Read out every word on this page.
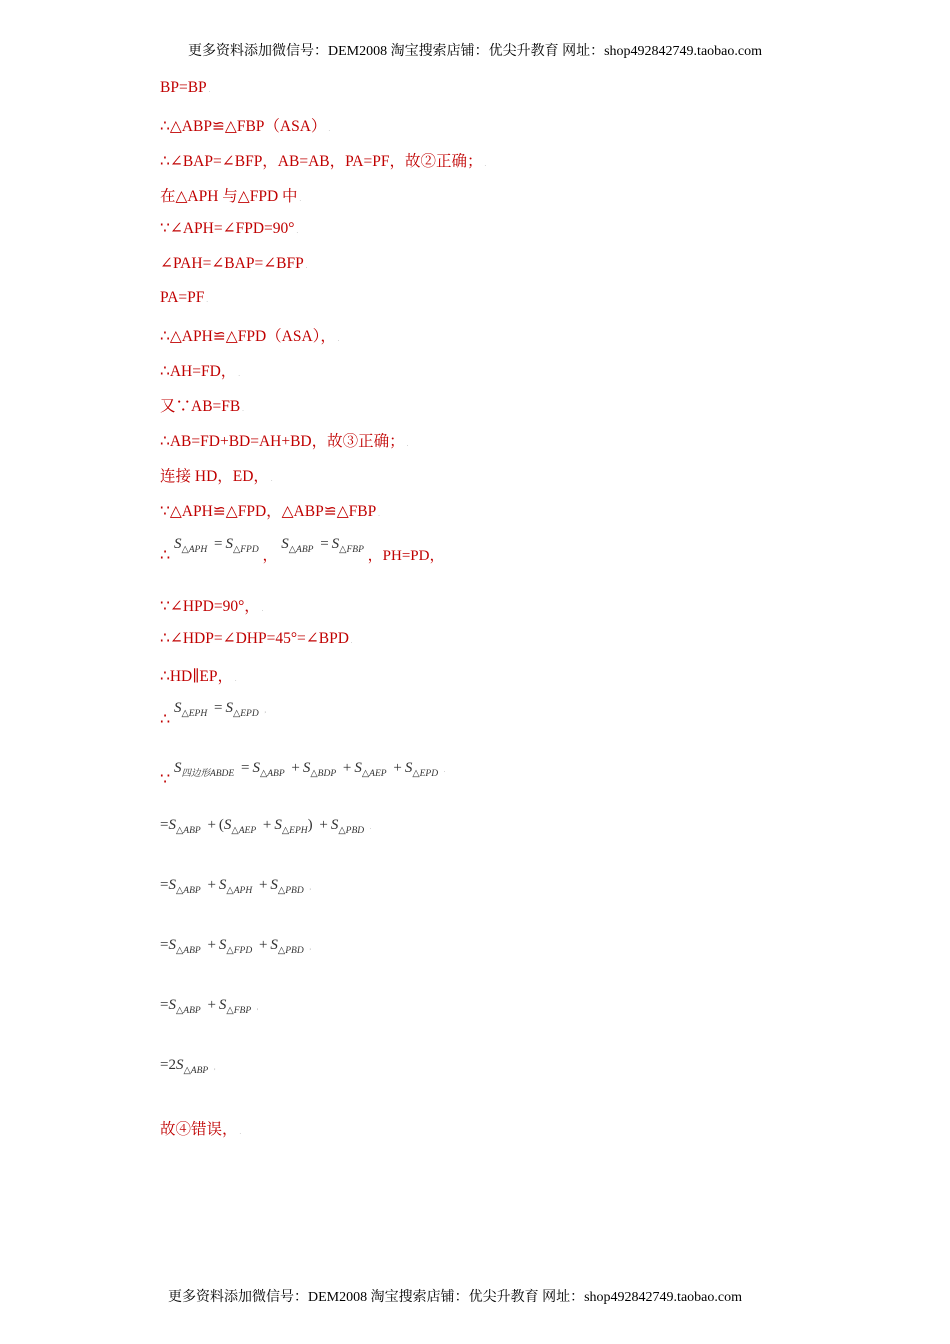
更多资料添加微信号：DEM2008 淘宝搜索店铺：优尖升教育 网址：shop492842749.taobao.com
BP=BP .
∴△ABP≌△FBP（ASA） .
∴∠BAP=∠BFP，AB=AB，PA=PF，故②正确； .
在△APH 与△FPD 中 .
∵∠APH=∠FPD=90° .
∠PAH=∠BAP=∠BFP .
PA=PF .
∴△APH≌△FPD（ASA）， .
∴AH=FD， .
又∵AB=FB .
∴AB=FD+BD=AH+BD，故③正确； .
连接 HD，ED， .
∵△APH≌△FPD，△ABP≌△FBP .
∴ $S_{\triangle APH} = S_{\triangle FPD}$ ， $S_{\triangle ABP} = S_{\triangle FBP}$ ，PH=PD，
∵∠HPD=90°， .
∴∠HDP=∠DHP=45°=∠BPD .
∴HD∥EP， .
∴ $S_{\triangle EPH} = S_{\triangle EPD}$ ,
∵ $S_{四边形ABDE} = S_{\triangle ABP} + S_{\triangle BDP} + S_{\triangle AEP} + S_{\triangle EPD}$ .
$=S_{\triangle ABP} + (S_{\triangle AEP} + S_{\triangle EPH}) + S_{\triangle PBD}$ .
$=S_{\triangle ABP} + S_{\triangle APH} + S_{\triangle PBD}$ ,
$=S_{\triangle ABP} + S_{\triangle FPD} + S_{\triangle PBD}$ ,
$=S_{\triangle ABP} + S_{\triangle FBP}$ ,
$=2S_{\triangle ABP}$ ,
故④错误， .
更多资料添加微信号：DEM2008 淘宝搜索店铺：优尖升教育 网址：shop492842749.taobao.com
